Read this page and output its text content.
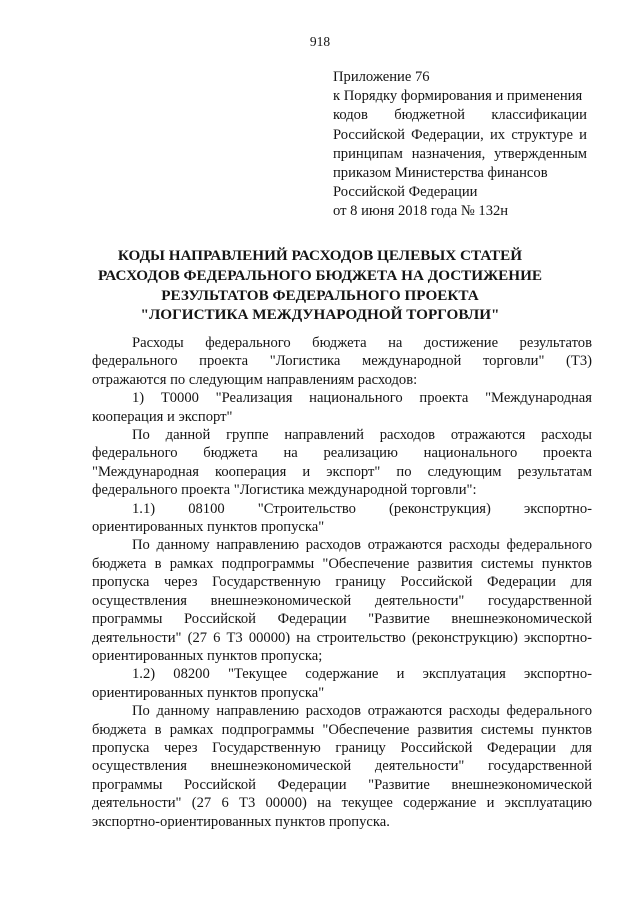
918
Приложение 76
к Порядку формирования и применения
кодов бюджетной классификации
Российской Федерации, их структуре и
принципам назначения, утвержденным
приказом Министерства финансов
Российской Федерации
от 8 июня 2018 года № 132н
КОДЫ НАПРАВЛЕНИЙ РАСХОДОВ ЦЕЛЕВЫХ СТАТЕЙ
РАСХОДОВ ФЕДЕРАЛЬНОГО БЮДЖЕТА НА ДОСТИЖЕНИЕ
РЕЗУЛЬТАТОВ ФЕДЕРАЛЬНОГО ПРОЕКТА
"ЛОГИСТИКА МЕЖДУНАРОДНОЙ ТОРГОВЛИ"
Расходы федерального бюджета на достижение результатов
федерального проекта "Логистика международной торговли" (Т3)
отражаются по следующим направлениям расходов:
1) Т0000 "Реализация национального проекта "Международная
кооперация и экспорт"
По данной группе направлений расходов отражаются расходы
федерального бюджета на реализацию национального проекта
"Международная кооперация и экспорт" по следующим результатам
федерального проекта "Логистика международной торговли":
1.1) 08100 "Строительство (реконструкция) экспортно-
ориентированных пунктов пропуска"
По данному направлению расходов отражаются расходы федерального
бюджета в рамках подпрограммы "Обеспечение развития системы пунктов
пропуска через Государственную границу Российской Федерации для
осуществления внешнеэкономической деятельности" государственной
программы Российской Федерации "Развитие внешнеэкономической
деятельности" (27 6 Т3 00000) на строительство (реконструкцию) экспортно-
ориентированных пунктов пропуска;
1.2) 08200 "Текущее содержание и эксплуатация экспортно-
ориентированных пунктов пропуска"
По данному направлению расходов отражаются расходы федерального
бюджета в рамках подпрограммы "Обеспечение развития системы пунктов
пропуска через Государственную границу Российской Федерации для
осуществления внешнеэкономической деятельности" государственной
программы Российской Федерации "Развитие внешнеэкономической
деятельности" (27 6 Т3 00000) на текущее содержание и эксплуатацию
экспортно-ориентированных пунктов пропуска.
